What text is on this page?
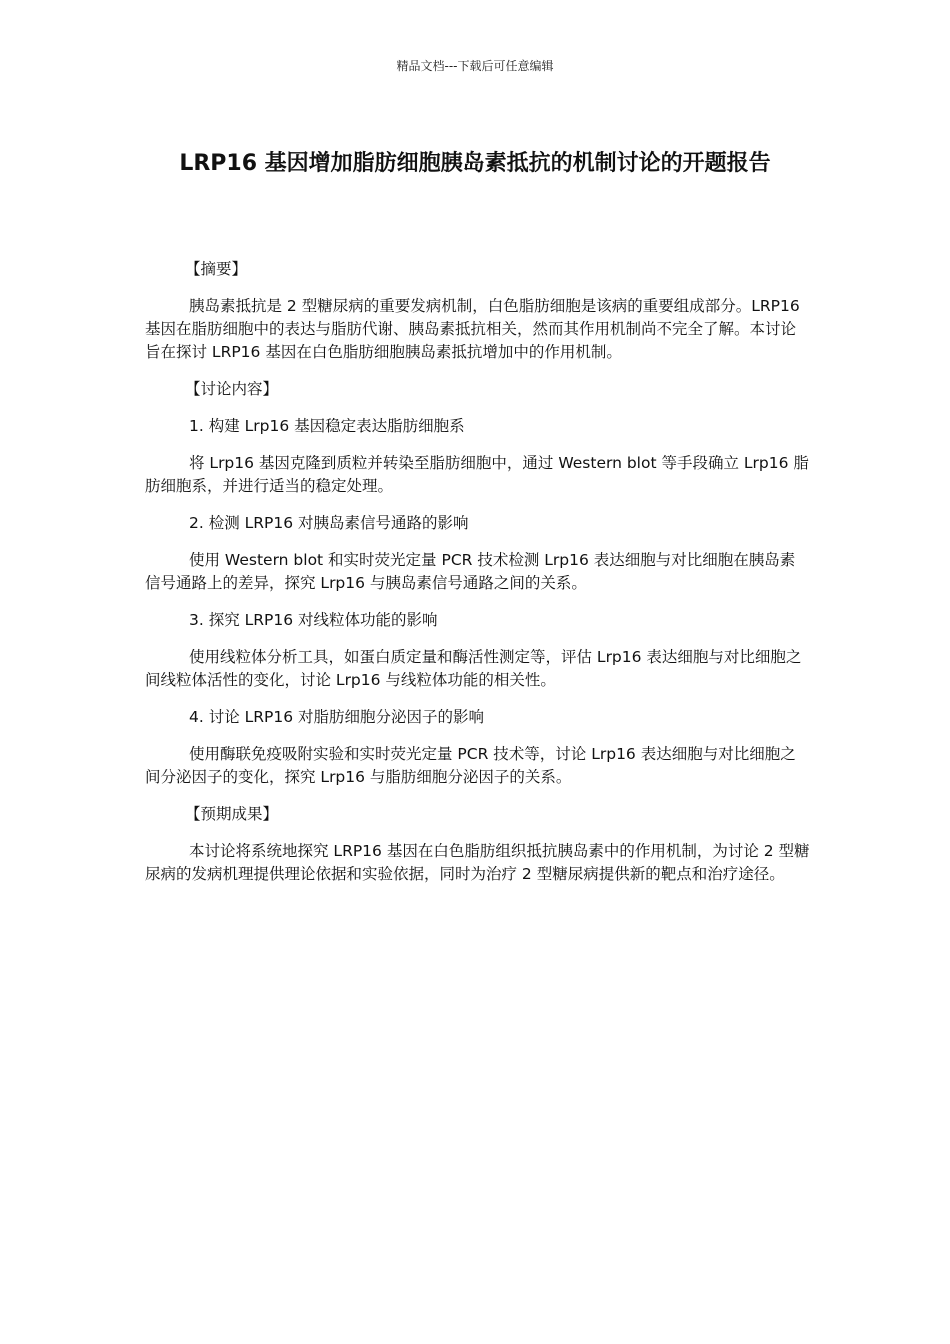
精品文档---下载后可任意编辑
LRP16 基因增加脂肪细胞胰岛素抵抗的机制讨论的开题报告

【摘要】

胰岛素抵抗是 2 型糖尿病的重要发病机制，白色脂肪细胞是该病的重要组成部分。LRP16 基因在脂肪细胞中的表达与脂肪代谢、胰岛素抵抗相关，然而其作用机制尚不完全了解。本讨论旨在探讨 LRP16 基因在白色脂肪细胞胰岛素抵抗增加中的作用机制。

【讨论内容】

1. 构建 Lrp16 基因稳定表达脂肪细胞系

将 Lrp16 基因克隆到质粒并转染至脂肪细胞中，通过 Western blot 等手段确立 Lrp16 脂肪细胞系，并进行适当的稳定处理。

2. 检测 LRP16 对胰岛素信号通路的影响

使用 Western blot 和实时荧光定量 PCR 技术检测 Lrp16 表达细胞与对比细胞在胰岛素信号通路上的差异，探究 Lrp16 与胰岛素信号通路之间的关系。

3. 探究 LRP16 对线粒体功能的影响

使用线粒体分析工具，如蛋白质定量和酶活性测定等，评估 Lrp16 表达细胞与对比细胞之间线粒体活性的变化，讨论 Lrp16 与线粒体功能的相关性。

4. 讨论 LRP16 对脂肪细胞分泌因子的影响

使用酶联免疫吸附实验和实时荧光定量 PCR 技术等，讨论 Lrp16 表达细胞与对比细胞之间分泌因子的变化，探究 Lrp16 与脂肪细胞分泌因子的关系。

【预期成果】

本讨论将系统地探究 LRP16 基因在白色脂肪组织抵抗胰岛素中的作用机制，为讨论 2 型糖尿病的发病机理提供理论依据和实验依据，同时为治疗 2 型糖尿病提供新的靶点和治疗途径。
